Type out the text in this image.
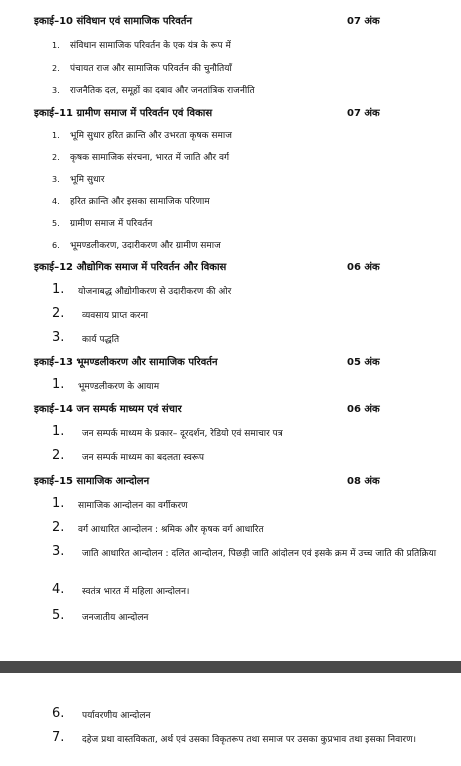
इकाई–10 संविधान एवं सामाजिक परिवर्तन	07 अंक
1.	संविधान सामाजिक परिवर्तन के एक यंत्र के रूप में
2.	पंचायत राज और सामाजिक परिवर्तन की चुनौतियाँ
3.	राजनैतिक दल, समूहों का दबाव और जनतांत्रिक राजनीति
इकाई–11 ग्रामीण समाज में परिवर्तन एवं विकास	07 अंक
1.	भूमि सुधार हरित क्रान्ति और उभरता कृषक समाज
2.	कृषक सामाजिक संरचना, भारत में जाति और वर्ग
3.	भूमि सुधार
4.	हरित क्रान्ति और इसका सामाजिक परिणाम
5.	ग्रामीण समाज में परिवर्तन
6.	भूमण्डलीकरण, उदारीकरण और ग्रामीण समाज
इकाई–12 औद्योगिक समाज में परिवर्तन और विकास	06 अंक
1.	योजनाबद्ध औद्योगीकरण से उदारीकरण की ओर
2.	व्यवसाय प्राप्त करना
3.	कार्य पद्धति
इकाई–13 भूमण्डलीकरण और सामाजिक परिवर्तन	05 अंक
1.	भूमण्डलीकरण के आयाम
इकाई–14 जन सम्पर्क माध्यम एवं संचार	06 अंक
1.	जन सम्पर्क माध्यम के प्रकार– दूरदर्शन, रेडियो एवं समाचार पत्र
2.	जन सम्पर्क माध्यम का बदलता स्वरूप
इकाई–15 सामाजिक आन्दोलन	08 अंक
1.	सामाजिक आन्दोलन का वर्गीकरण
2.	वर्ग आधारित आन्दोलन : श्रमिक और कृषक वर्ग आधारित
3.	जाति आधारित आन्दोलन : दलित आन्दोलन, पिछड़ी जाति आंदोलन एवं इसके क्रम में उच्च जाति की प्रतिक्रिया
4.	स्वतंत्र भारत में महिला आन्दोलन।
5.	जनजातीय आन्दोलन
6.	पर्यावरणीय आन्दोलन
7.	दहेज प्रथा वास्तविकता, अर्थ एवं उसका विकृतरूप तथा समाज पर उसका कुप्रभाव तथा इसका निवारण।
